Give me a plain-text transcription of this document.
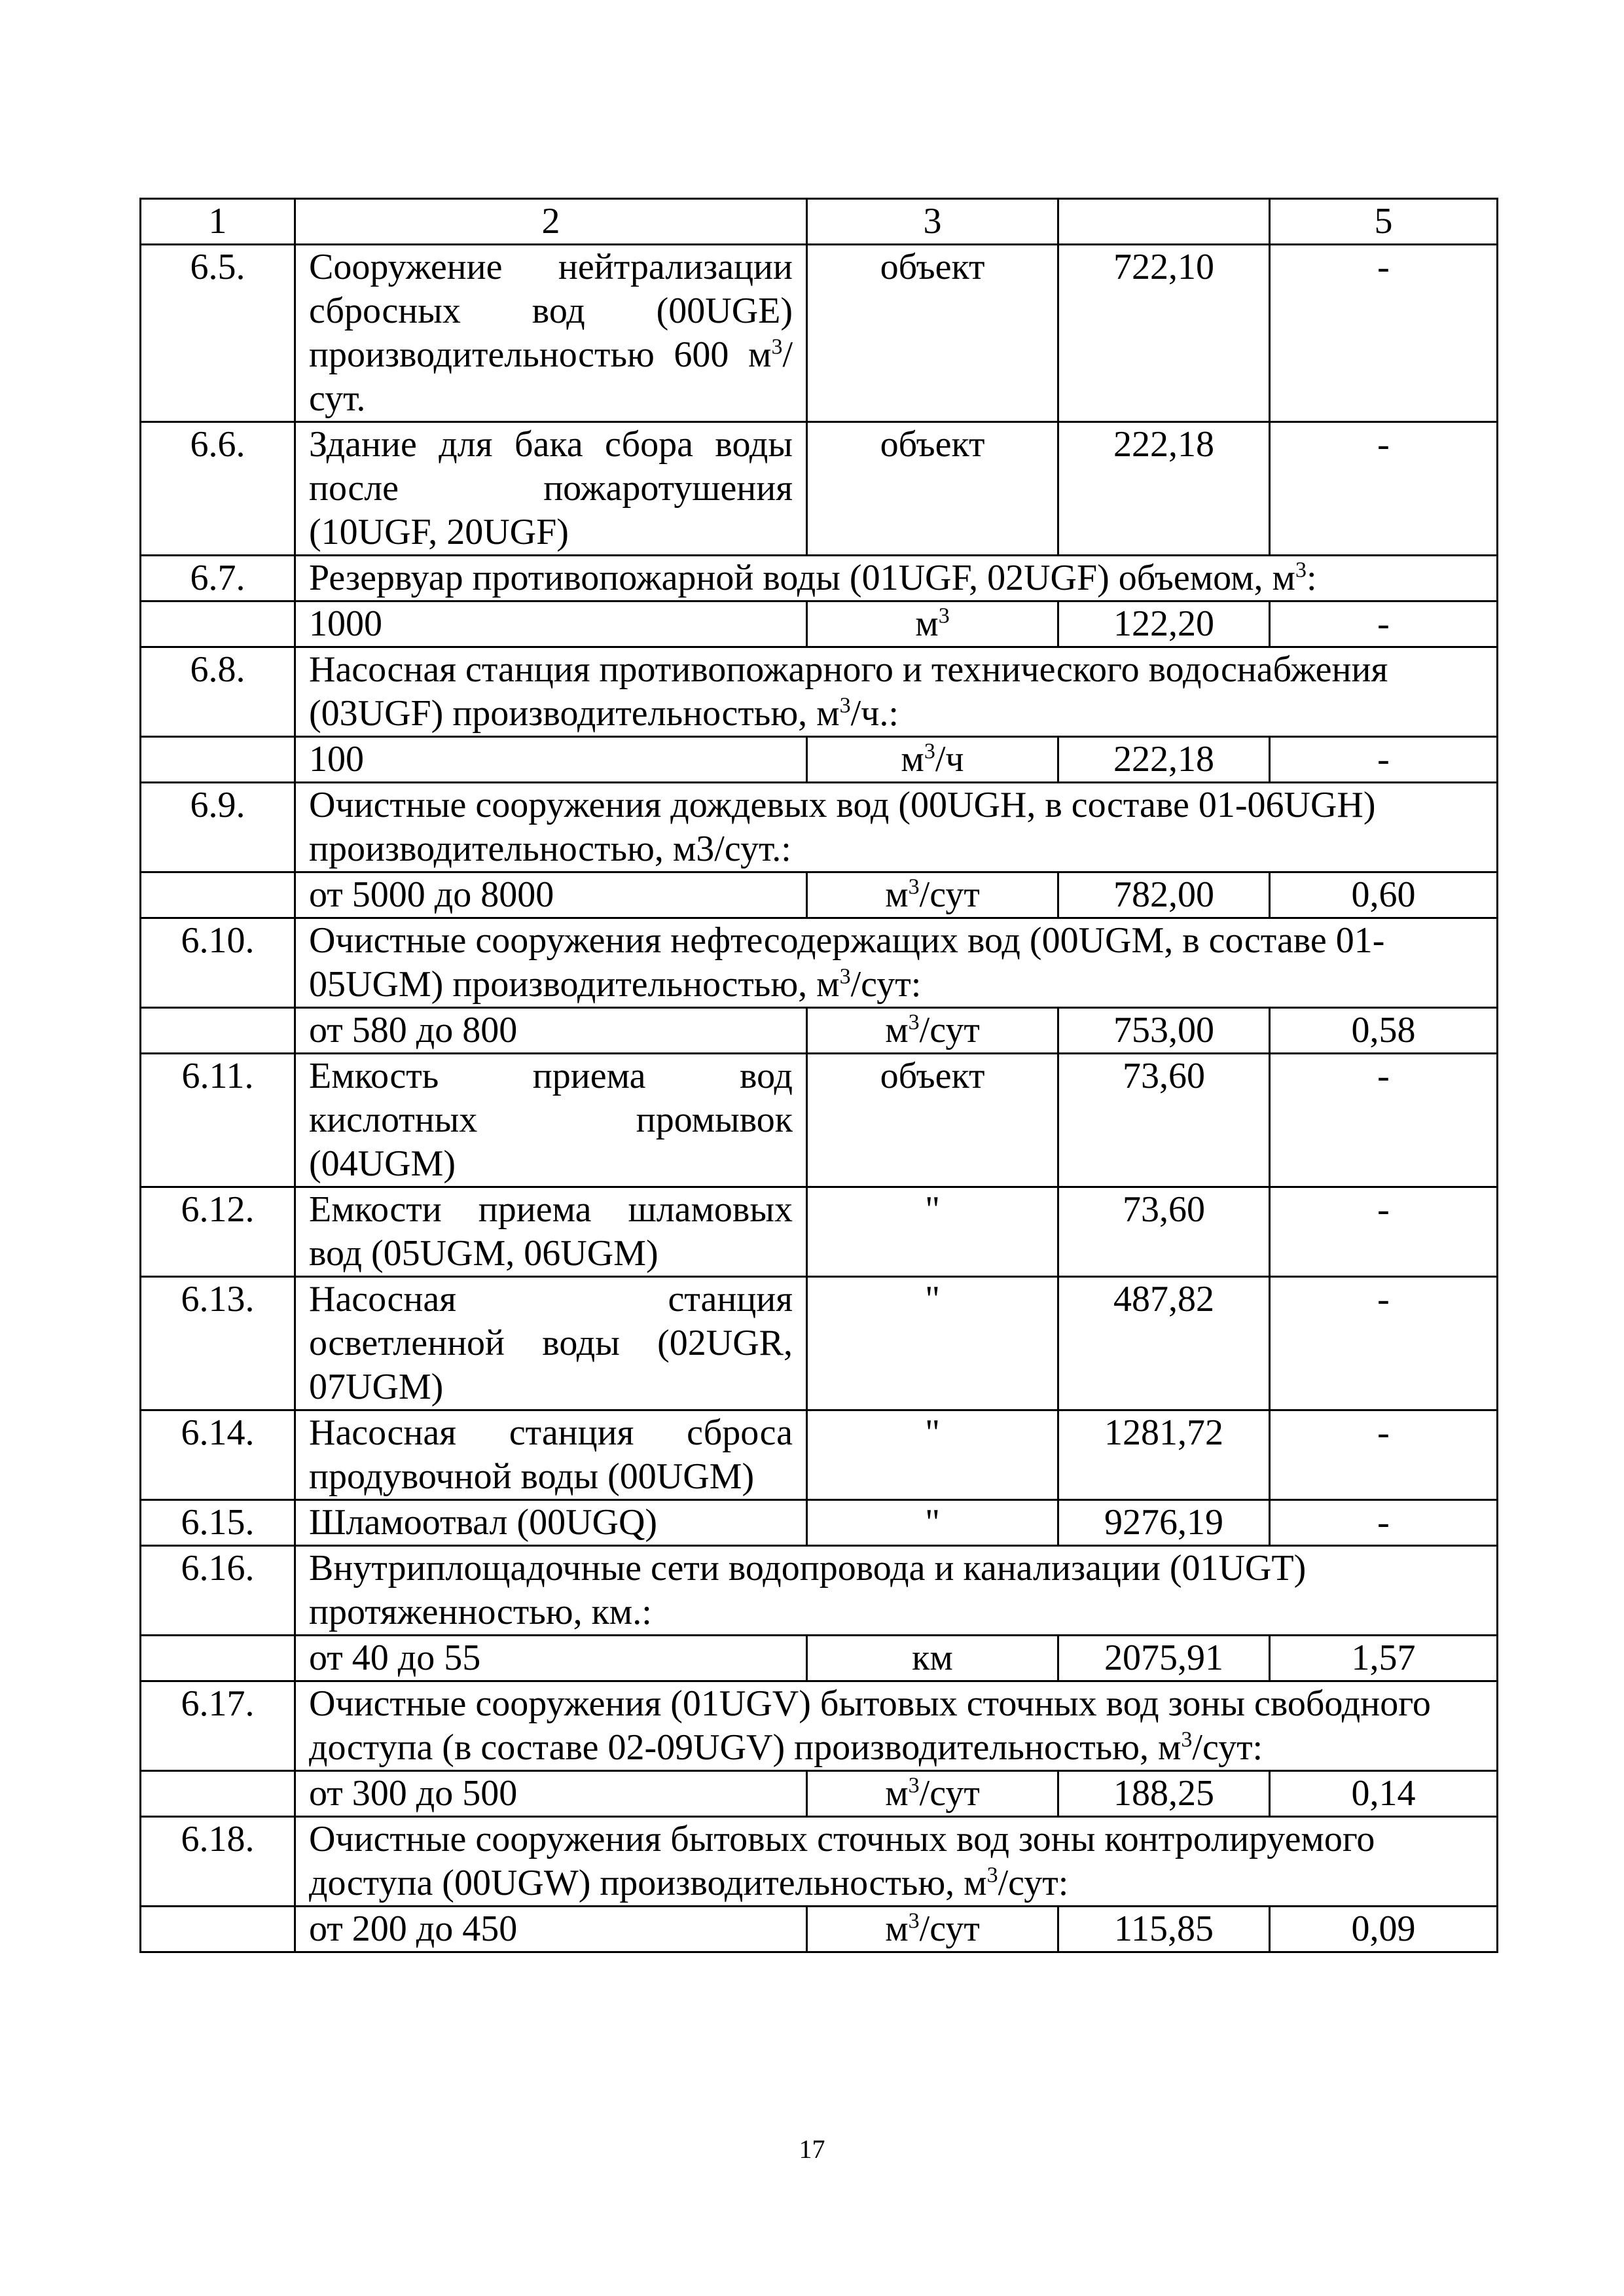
1	2	3		5
6.5.	Сооружение нейтрализации сбросных вод (00UGE) производительностью 600 $м^3$/сут.	объект	722,10	-
6.6.	Здание для бака сбора воды после пожаротушения (10UGF, 20UGF)	объект	222,18	-
6.7.	Резервуар противопожарной воды (01UGF, 02UGF) объемом, $м^3$:			
	1000	$м^3$	122,20	-
6.8.	Насосная станция противопожарного и технического водоснабжения (03UGF) производительностью, $м^3/ч$.:			
	100	$м^3/ч$	222,18	-
6.9.	Очистные сооружения дождевых вод (00UGH, в составе 01-06UGH) производительностью, м3/сут.:			
	от 5000 до 8000	$м^3$/сут	782,00	0,60
6.10.	Очистные сооружения нефтесодержащих вод (00UGM, в составе 01-05UGM) производительностью, $м^3$/сут:			
	от 580 до 800	$м^3$/сут	753,00	0,58
6.11.	Емкость приема вод кислотных промывок (04UGM)	объект	73,60	-
6.12.	Емкости приема шламовых вод (05UGM, 06UGM)	"	73,60	-
6.13.	Насосная станция осветленной воды (02UGR, 07UGM)	"	487,82	-
6.14.	Насосная станция сброса продувочной воды (00UGM)	"	1281,72	-
6.15.	Шламоотвал (00UGQ)	"	9276,19	-
6.16.	Внутриплощадочные сети водопровода и канализации (01UGT) протяженностью, км.:			
	от 40 до 55	км	2075,91	1,57
6.17.	Очистные сооружения (01UGV) бытовых сточных вод зоны свободного доступа (в составе 02-09UGV) производительностью, $м^3$/сут:			
	от 300 до 500	$м^3$/сут	188,25	0,14
6.18.	Очистные сооружения бытовых сточных вод зоны контролируемого доступа (00UGW) производительностью, $м^3$/сут:			
	от 200 до 450	$м^3$/сут	115,85	0,09
17
